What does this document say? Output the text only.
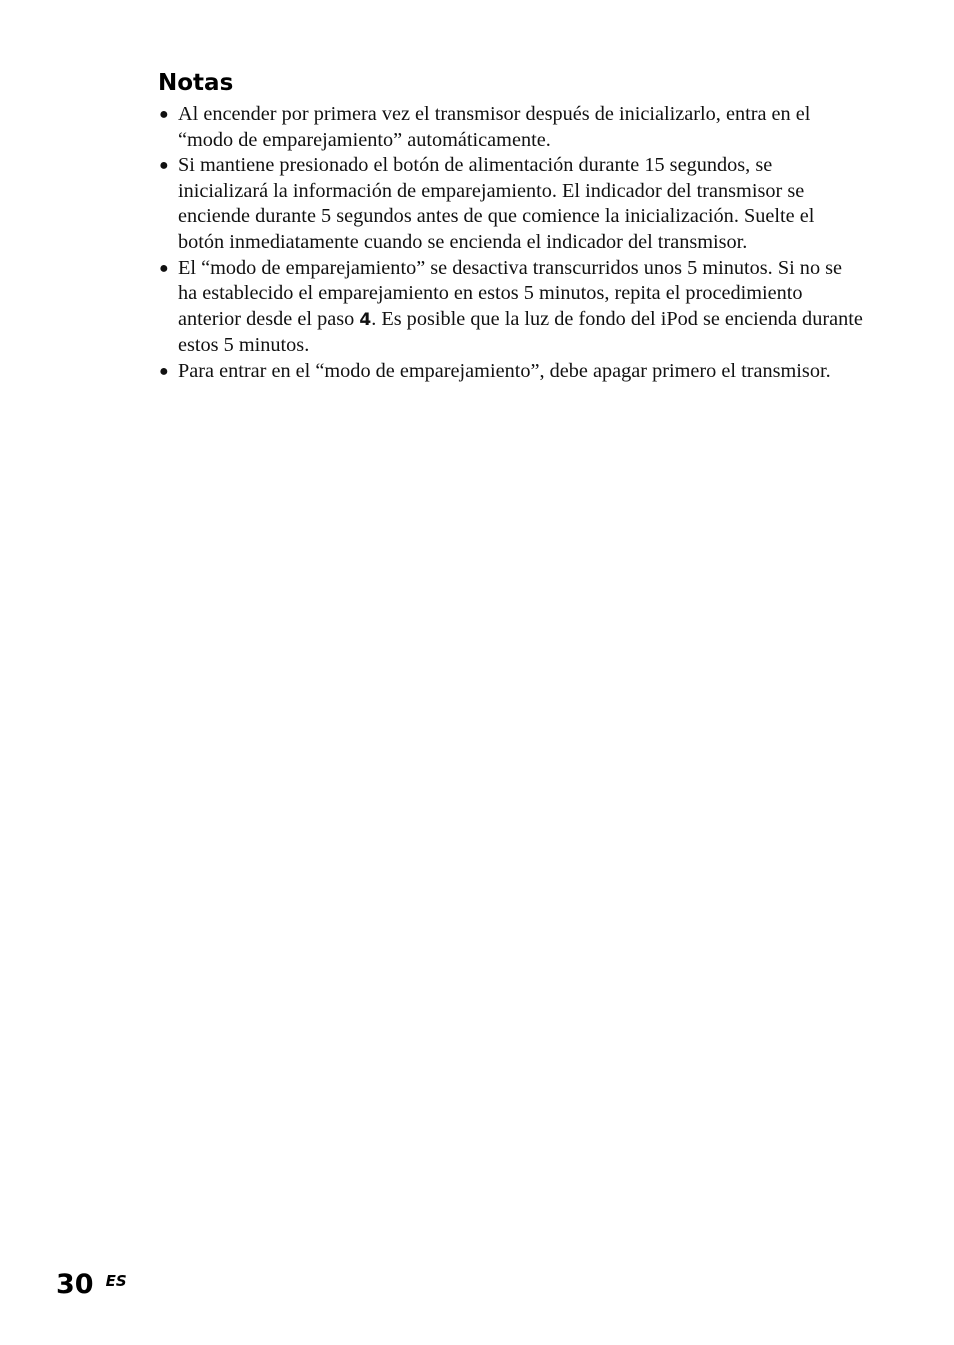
Notas
● Al encender por primera vez el transmisor después de inicializarlo, entra en el “modo de emparejamiento” automáticamente.
● Si mantiene presionado el botón de alimentación durante 15 segundos, se inicializará la información de emparejamiento. El indicador del transmisor se enciende durante 5 segundos antes de que comience la inicialización. Suelte el botón inmediatamente cuando se encienda el indicador del transmisor.
● El “modo de emparejamiento” se desactiva transcurridos unos 5 minutos. Si no se ha establecido el emparejamiento en estos 5 minutos, repita el procedimiento anterior desde el paso 4. Es posible que la luz de fondo del iPod se encienda durante estos 5 minutos.
● Para entrar en el “modo de emparejamiento”, debe apagar primero el transmisor.
30 ES
